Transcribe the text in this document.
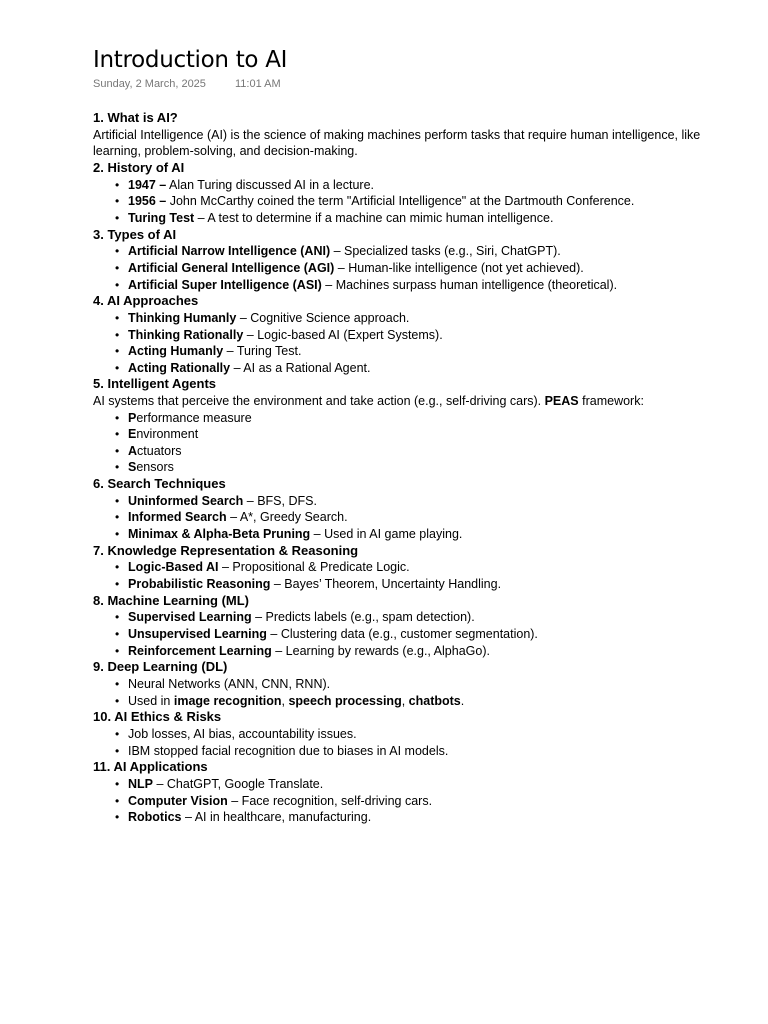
Introduction to AI
Sunday, 2 March, 2025	11:01 AM
1. What is AI?

Artificial Intelligence (AI) is the science of making machines perform tasks that require human intelligence, like learning, problem-solving, and decision-making.

2. History of AI
• 1947 – Alan Turing discussed AI in a lecture.
• 1956 – John McCarthy coined the term "Artificial Intelligence" at the Dartmouth Conference.
• Turing Test – A test to determine if a machine can mimic human intelligence.
3. Types of AI
• Artificial Narrow Intelligence (ANI) – Specialized tasks (e.g., Siri, ChatGPT).
• Artificial General Intelligence (AGI) – Human-like intelligence (not yet achieved).
• Artificial Super Intelligence (ASI) – Machines surpass human intelligence (theoretical).
4. AI Approaches
• Thinking Humanly – Cognitive Science approach.
• Thinking Rationally – Logic-based AI (Expert Systems).
• Acting Humanly – Turing Test.
• Acting Rationally – AI as a Rational Agent.
5. Intelligent Agents

AI systems that perceive the environment and take action (e.g., self-driving cars). PEAS framework:

• Performance measure
• Environment
• Actuators
• Sensors
6. Search Techniques
• Uninformed Search – BFS, DFS.
• Informed Search – A*, Greedy Search.
• Minimax & Alpha-Beta Pruning – Used in AI game playing.
7. Knowledge Representation & Reasoning
• Logic-Based AI – Propositional & Predicate Logic.
• Probabilistic Reasoning – Bayes’ Theorem, Uncertainty Handling.
8. Machine Learning (ML)
• Supervised Learning – Predicts labels (e.g., spam detection).
• Unsupervised Learning – Clustering data (e.g., customer segmentation).
• Reinforcement Learning – Learning by rewards (e.g., AlphaGo).
9. Deep Learning (DL)
• Neural Networks (ANN, CNN, RNN).
• Used in image recognition, speech processing, chatbots.
10. AI Ethics & Risks
• Job losses, AI bias, accountability issues.
• IBM stopped facial recognition due to biases in AI models.
11. AI Applications
• NLP – ChatGPT, Google Translate.
• Computer Vision – Face recognition, self-driving cars.
• Robotics – AI in healthcare, manufacturing.
